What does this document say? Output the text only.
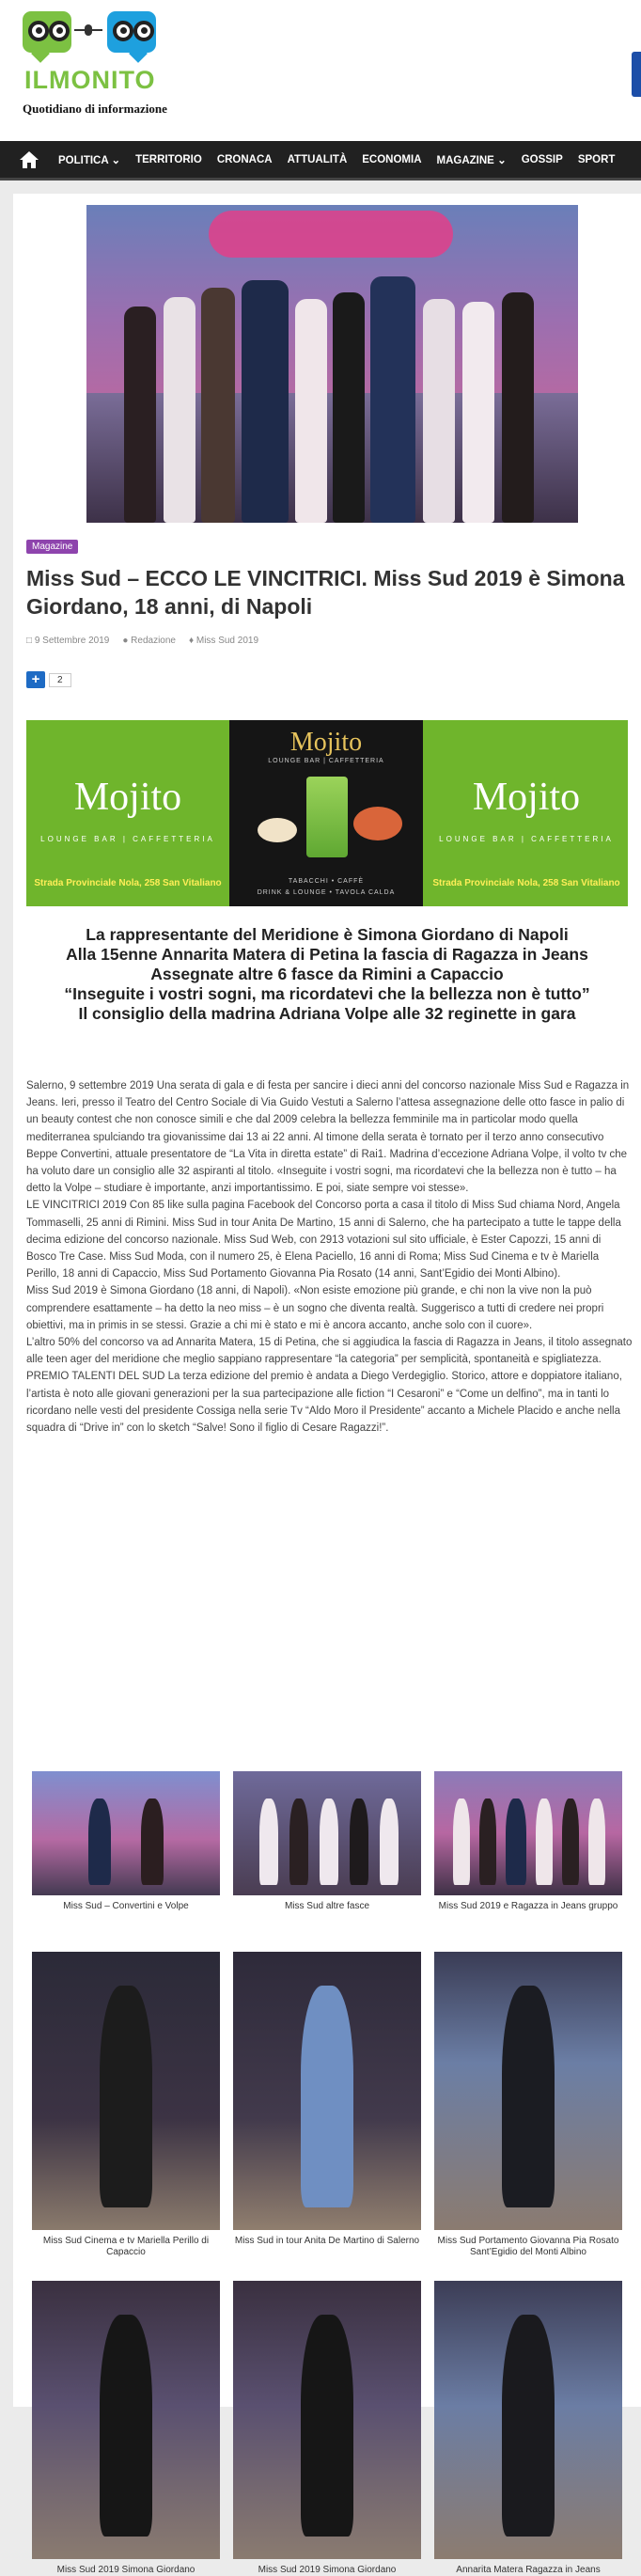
ILMONITO
Quotidiano di informazione
POLITICA ⌄ TERRITORIO CRONACA ATTUALITÀ ECONOMIA MAGAZINE ⌄ GOSSIP SPORT
Magazine
Miss Sud – ECCO LE VINCITRICI. Miss Sud 2019 è Simona Giordano, 18 anni, di Napoli
□ 9 Settembre 2019 ● Redazione ♦ Miss Sud 2019
+	2
Mojito
LOUNGE BAR | CAFFETTERIA
Strada Provinciale Nola, 258 San Vitaliano
Mojito
LOUNGE BAR | CAFFETTERIA
TABACCHI • CAFFÈ
DRINK & LOUNGE • TAVOLA CALDA
Mojito
LOUNGE BAR | CAFFETTERIA
Strada Provinciale Nola, 258 San Vitaliano
La rappresentante del Meridione è Simona Giordano di Napoli
Alla 15enne Annarita Matera di Petina la fascia di Ragazza in Jeans
Assegnate altre 6 fasce da Rimini a Capaccio
“Inseguite i vostri sogni, ma ricordatevi che la bellezza non è tutto”
Il consiglio della madrina Adriana Volpe alle 32 reginette in gara

Salerno, 9 settembre 2019 Una serata di gala e di festa per sancire i dieci anni del concorso nazionale Miss Sud e Ragazza in Jeans. Ieri, presso il Teatro del Centro Sociale di Via Guido Vestuti a Salerno l’attesa assegnazione delle otto fasce in palio di un beauty contest che non conosce simili e che dal 2009 celebra la bellezza femminile ma in particolar modo quella mediterranea spulciando tra giovanissime dai 13 ai 22 anni. Al timone della serata è tornato per il terzo anno consecutivo Beppe Convertini, attuale presentatore de “La Vita in diretta estate” di Rai1. Madrina d’eccezione Adriana Volpe, il volto tv che ha voluto dare un consiglio alle 32 aspiranti al titolo. «Inseguite i vostri sogni, ma ricordatevi che la bellezza non è tutto – ha detto la Volpe – studiare è importante, anzi importantissimo. E poi, siate sempre voi stesse».

LE VINCITRICI 2019 Con 85 like sulla pagina Facebook del Concorso porta a casa il titolo di Miss Sud chiama Nord, Angela Tommaselli, 25 anni di Rimini. Miss Sud in tour Anita De Martino, 15 anni di Salerno, che ha partecipato a tutte le tappe della decima edizione del concorso nazionale. Miss Sud Web, con 2913 votazioni sul sito ufficiale, è Ester Capozzi, 15 anni di Bosco Tre Case. Miss Sud Moda, con il numero 25, è Elena Paciello, 16 anni di Roma; Miss Sud Cinema e tv è Mariella Perillo, 18 anni di Capaccio, Miss Sud Portamento Giovanna Pia Rosato (14 anni, Sant’Egidio dei Monti Albino).

Miss Sud 2019 è Simona Giordano (18 anni, di Napoli). «Non esiste emozione più grande, e chi non la vive non la può comprendere esattamente – ha detto la neo miss – è un sogno che diventa realtà. Suggerisco a tutti di credere nei propri obiettivi, ma in primis in se stessi. Grazie a chi mi è stato e mi è ancora accanto, anche solo con il cuore».

L’altro 50% del concorso va ad Annarita Matera, 15 di Petina, che si aggiudica la fascia di Ragazza in Jeans, il titolo assegnato alle teen ager del meridione che meglio sappiano rappresentare “la categoria” per semplicità, spontaneità e spigliatezza.

PREMIO TALENTI DEL SUD La terza edizione del premio è andata a Diego Verdegiglio. Storico, attore e doppiatore italiano, l’artista è noto alle giovani generazioni per la sua partecipazione alle fiction “I Cesaroni” e “Come un delfino”, ma in tanti lo ricordano nelle vesti del presidente Cossiga nella serie Tv “Aldo Moro il Presidente” accanto a Michele Placido e anche nella squadra di “Drive in” con lo sketch “Salve! Sono il figlio di Cesare Ragazzi!”.

Miss Sud – Convertini e Volpe	Miss Sud altre fasce	Miss Sud 2019 e Ragazza in Jeans gruppo
Miss Sud Cinema e tv Mariella Perillo di Capaccio
Miss Sud in tour Anita De Martino di Salerno	Miss Sud Portamento Giovanna Pia Rosato Sant’Egidio del Monti Albino
Miss Sud 2019 Simona Giordano	Miss Sud 2019 Simona Giordano	Annarita Matera Ragazza in Jeans
